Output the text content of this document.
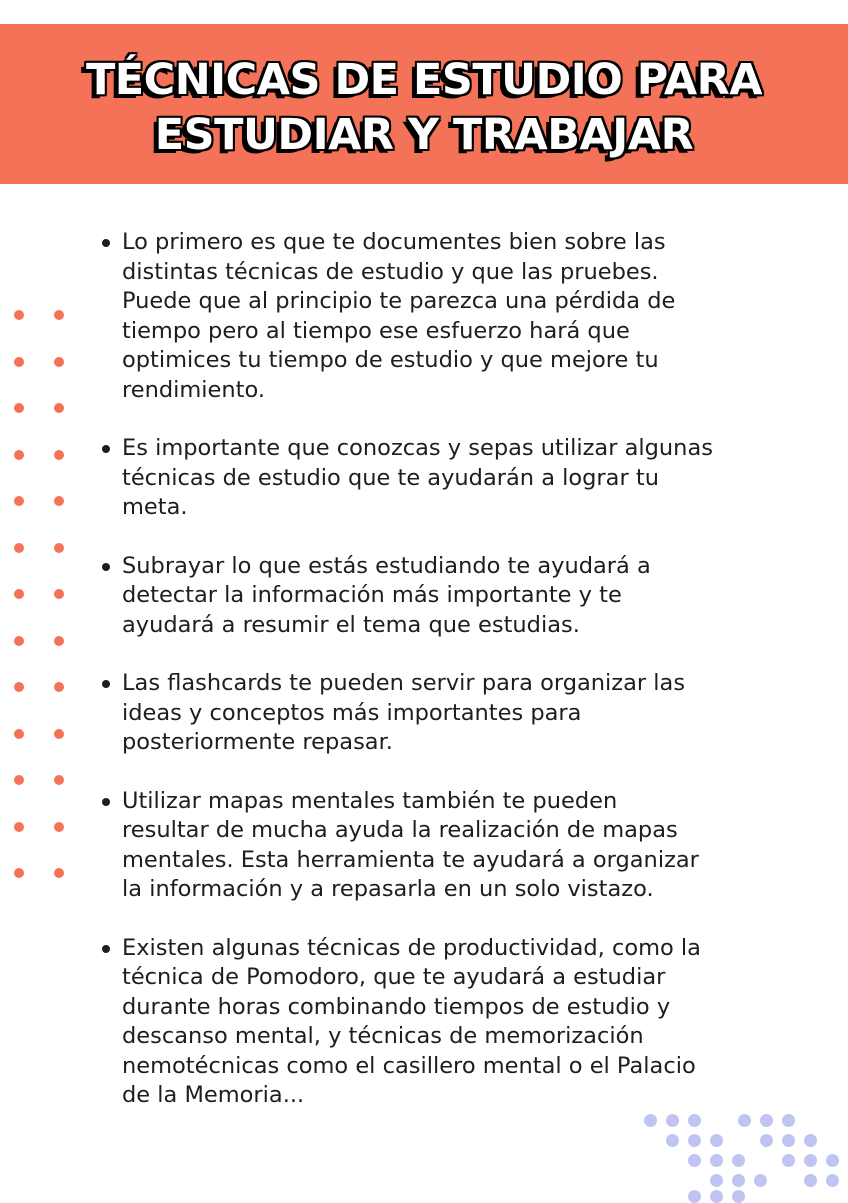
TÉCNICAS DE ESTUDIO PARA
ESTUDIAR Y TRABAJAR
Lo primero es que te documentes bien sobre las
distintas técnicas de estudio y que las pruebes.
Puede que al principio te parezca una pérdida de
tiempo pero al tiempo ese esfuerzo hará que
optimices tu tiempo de estudio y que mejore tu
rendimiento.
Es importante que conozcas y sepas utilizar algunas
técnicas de estudio que te ayudarán a lograr tu
meta.
Subrayar lo que estás estudiando te ayudará a
detectar la información más importante y te
ayudará a resumir el tema que estudias.
Las flashcards te pueden servir para organizar las
ideas y conceptos más importantes para
posteriormente repasar.
Utilizar mapas mentales también te pueden
resultar de mucha ayuda la realización de mapas
mentales. Esta herramienta te ayudará a organizar
la información y a repasarla en un solo vistazo.
Existen algunas técnicas de productividad, como la
técnica de Pomodoro, que te ayudará a estudiar
durante horas combinando tiempos de estudio y
descanso mental, y técnicas de memorización
nemotécnicas como el casillero mental o el Palacio
de la Memoria...
